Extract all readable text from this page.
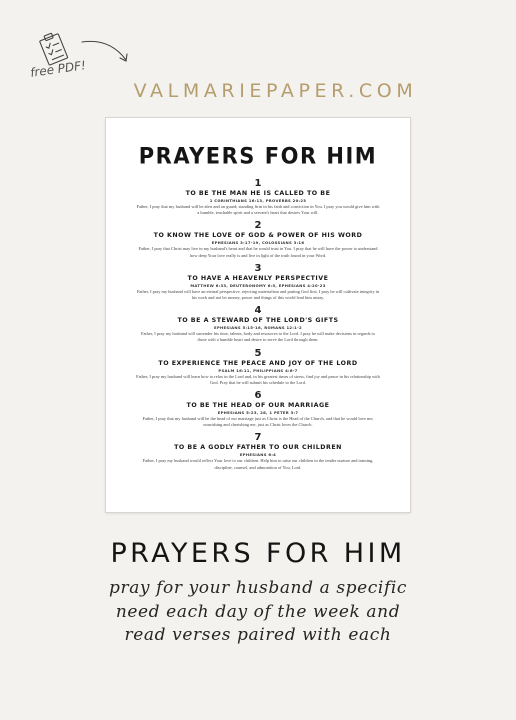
free PDF!
VALMARIEPAPER.COM
PRAYERS FOR HIM
1
TO BE THE MAN HE IS CALLED TO BE
1 CORINTHIANS 16:13, PROVERBS 20:23
Father, I pray that my husband will be alert and on guard; standing firm in his faith and conviction in You. I pray you would give him with a humble, teachable spirit and a servant's heart that desires Your will.
2
TO KNOW THE LOVE OF GOD & POWER OF HIS WORD
EPHESIANS 3:17-19, COLOSSIANS 3:16
Father, I pray that Christ may live in my husband's heart and that he would trust in You. I pray that he will have the power to understand how deep Your love really is and live in light of the truth found in your Word.
3
TO HAVE A HEAVENLY PERSPECTIVE
MATTHEW 6:33, DEUTERONOMY 6:5, EPHESIANS 4:20-23
Father, I pray my husband will have an eternal perspective, rejecting materialism and putting God first. I pray he will cultivate integrity in his work and not let money, power and things of this world lead him astray.
4
TO BE A STEWARD OF THE LORD'S GIFTS
EPHESIANS 5:15-16, ROMANS 12:1-2
Father, I pray my husband will surrender his time, talents, body and resources to the Lord. I pray he will make decisions in regards to those with a humble heart and desire to serve the Lord through them.
5
TO EXPERIENCE THE PEACE AND JOY OF THE LORD
PSALM 16:11, PHILIPPIANS 4:6-7
Father, I pray my husband will learn how to relax in the Lord and, in his greatest times of stress, find joy and peace in his relationship with God. Pray that he will submit his schedule to the Lord.
6
TO BE THE HEAD OF OUR MARRIAGE
EPHESIANS 5:23, 28, 1 PETER 3:7
Father, I pray that my husband will be the head of our marriage just as Christ is the Head of the Church, and that he would love me, nourishing and cherishing me, just as Christ loves the Church.
7
TO BE A GODLY FATHER TO OUR CHILDREN
EPHESIANS 6:4
Father, I pray my husband would reflect Your love to our children. Help him to raise our children in the tender nurture and training, discipline, counsel, and admonition of You, Lord.
PRAYERS FOR HIM
pray for your husband a specific
need each day of the week and
read verses paired with each
